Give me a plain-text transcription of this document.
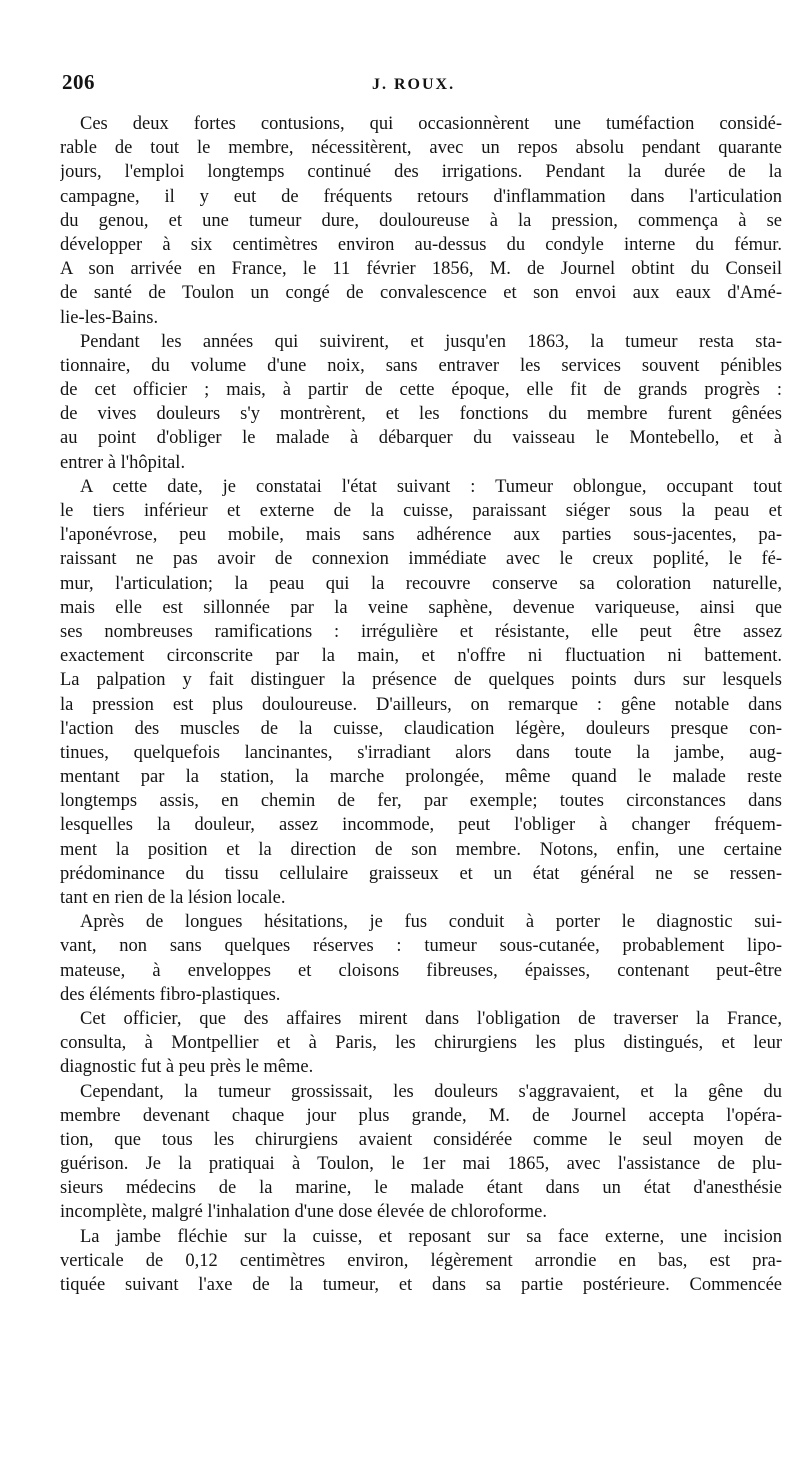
206	J. ROUX.
Ces deux fortes contusions, qui occasionnèrent une tuméfaction considé-
rable de tout le membre, nécessitèrent, avec un repos absolu pendant quarante
jours, l'emploi longtemps continué des irrigations. Pendant la durée de la
campagne, il y eut de fréquents retours d'inflammation dans l'articulation
du genou, et une tumeur dure, douloureuse à la pression, commença à se
développer à six centimètres environ au-dessus du condyle interne du fémur.
A son arrivée en France, le 11 février 1856, M. de Journel obtint du Conseil
de santé de Toulon un congé de convalescence et son envoi aux eaux d'Amé-
lie-les-Bains.
Pendant les années qui suivirent, et jusqu'en 1863, la tumeur resta sta-
tionnaire, du volume d'une noix, sans entraver les services souvent pénibles
de cet officier ; mais, à partir de cette époque, elle fit de grands progrès :
de vives douleurs s'y montrèrent, et les fonctions du membre furent gênées
au point d'obliger le malade à débarquer du vaisseau le Montebello, et à
entrer à l'hôpital.
A cette date, je constatai l'état suivant : Tumeur oblongue, occupant tout
le tiers inférieur et externe de la cuisse, paraissant siéger sous la peau et
l'aponévrose, peu mobile, mais sans adhérence aux parties sous-jacentes, pa-
raissant ne pas avoir de connexion immédiate avec le creux poplité, le fé-
mur, l'articulation; la peau qui la recouvre conserve sa coloration naturelle,
mais elle est sillonnée par la veine saphène, devenue variqueuse, ainsi que
ses nombreuses ramifications : irrégulière et résistante, elle peut être assez
exactement circonscrite par la main, et n'offre ni fluctuation ni battement.
La palpation y fait distinguer la présence de quelques points durs sur lesquels
la pression est plus douloureuse. D'ailleurs, on remarque : gêne notable dans
l'action des muscles de la cuisse, claudication légère, douleurs presque con-
tinues, quelquefois lancinantes, s'irradiant alors dans toute la jambe, aug-
mentant par la station, la marche prolongée, même quand le malade reste
longtemps assis, en chemin de fer, par exemple; toutes circonstances dans
lesquelles la douleur, assez incommode, peut l'obliger à changer fréquem-
ment la position et la direction de son membre. Notons, enfin, une certaine
prédominance du tissu cellulaire graisseux et un état général ne se ressen-
tant en rien de la lésion locale.
Après de longues hésitations, je fus conduit à porter le diagnostic sui-
vant, non sans quelques réserves : tumeur sous-cutanée, probablement lipo-
mateuse, à enveloppes et cloisons fibreuses, épaisses, contenant peut-être
des éléments fibro-plastiques.
Cet officier, que des affaires mirent dans l'obligation de traverser la France,
consulta, à Montpellier et à Paris, les chirurgiens les plus distingués, et leur
diagnostic fut à peu près le même.
Cependant, la tumeur grossissait, les douleurs s'aggravaient, et la gêne du
membre devenant chaque jour plus grande, M. de Journel accepta l'opéra-
tion, que tous les chirurgiens avaient considérée comme le seul moyen de
guérison. Je la pratiquai à Toulon, le 1er mai 1865, avec l'assistance de plu-
sieurs médecins de la marine, le malade étant dans un état d'anesthésie
incomplète, malgré l'inhalation d'une dose élevée de chloroforme.
La jambe fléchie sur la cuisse, et reposant sur sa face externe, une incision
verticale de 0,12 centimètres environ, légèrement arrondie en bas, est pra-
tiquée suivant l'axe de la tumeur, et dans sa partie postérieure. Commencée
